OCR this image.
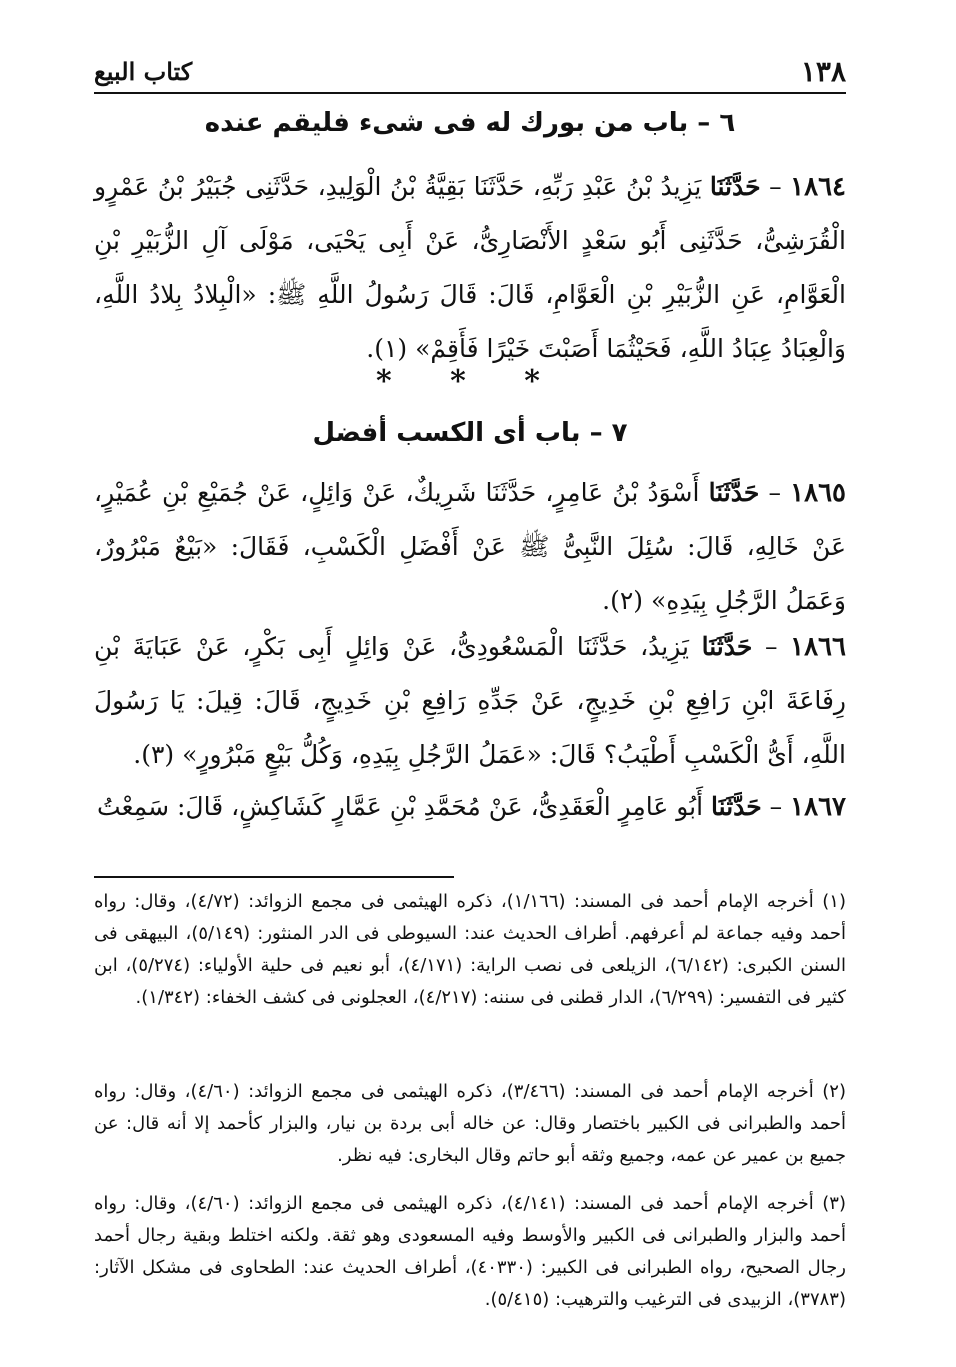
١٣٨
كتاب البيع
٦ – باب من بورك له فى شىء فليقم عنده
١٨٦٤ – حَدَّثَنَا يَزِيدُ بْنُ عَبْدِ رَبِّهِ، حَدَّثَنَا بَقِيَّةُ بْنُ الْوَلِيدِ، حَدَّثَنِى جُبَيْرُ بْنُ عَمْرٍو الْقُرَشِىُّ، حَدَّثَنِى أَبُو سَعْدٍ الأَنْصَارِىُّ، عَنْ أَبِى يَحْيَى، مَوْلَى آلِ الزُّبَيْرِ بْنِ الْعَوَّامِ، عَنِ الزُّبَيْرِ بْنِ الْعَوَّامِ، قَالَ: قَالَ رَسُولُ اللَّهِ ﷺ: «الْبِلادُ بِلادُ اللَّهِ، وَالْعِبَادُ عِبَادُ اللَّهِ، فَحَيْثُمَا أَصَبْتَ خَيْرًا فَأَقِمْ» (١).
* * *
٧ – باب أى الكسب أفضل
١٨٦٥ – حَدَّثَنَا أَسْوَدُ بْنُ عَامِرٍ، حَدَّثَنَا شَرِيكٌ، عَنْ وَائِلٍ، عَنْ جُمَيْعِ بْنِ عُمَيْرٍ، عَنْ خَالِهِ، قَالَ: سُئِلَ النَّبِىُّ ﷺ عَنْ أَفْضَلِ الْكَسْبِ، فَقَالَ: «بَيْعٌ مَبْرُورٌ، وَعَمَلُ الرَّجُلِ بِيَدِهِ» (٢).
١٨٦٦ – حَدَّثَنَا يَزِيدُ، حَدَّثَنَا الْمَسْعُودِىُّ، عَنْ وَائِلٍ أَبِى بَكْرٍ، عَنْ عَبَايَةَ بْنِ رِفَاعَةَ ابْنِ رَافِعِ بْنِ خَدِيجٍ، عَنْ جَدِّهِ رَافِعِ بْنِ خَدِيجٍ، قَالَ: قِيلَ: يَا رَسُولَ اللَّهِ، أَىُّ الْكَسْبِ أَطْيَبُ؟ قَالَ: «عَمَلُ الرَّجُلِ بِيَدِهِ، وَكُلُّ بَيْعٍ مَبْرُورٍ» (٣).
١٨٦٧ – حَدَّثَنَا أَبُو عَامِرٍ الْعَقَدِىُّ، عَنْ مُحَمَّدِ بْنِ عَمَّارٍ كَشَاكِشٍ، قَالَ: سَمِعْتُ
(١) أخرجه الإمام أحمد فى المسند: (١/١٦٦)، ذكره الهيثمى فى مجمع الزوائد: (٤/٧٢)، وقال: رواه أحمد وفيه جماعة لم أعرفهم. أطراف الحديث عند: السيوطى فى الدر المنثور: (٥/١٤٩)، البيهقى فى السنن الكبرى: (٦/١٤٢)، الزيلعى فى نصب الراية: (٤/١٧١)، أبو نعيم فى حلية الأولياء: (٥/٢٧٤)، ابن كثير فى التفسير: (٦/٢٩٩)، الدار قطنى فى سننه: (٤/٢١٧)، العجلونى فى كشف الخفاء: (١/٣٤٢).
(٢) أخرجه الإمام أحمد فى المسند: (٣/٤٦٦)، ذكره الهيثمى فى مجمع الزوائد: (٤/٦٠)، وقال: رواه أحمد والطبرانى فى الكبير باختصار وقال: عن خاله أبى بردة بن نيار، والبزار كأحمد إلا أنه قال: عن جميع بن عمير عن عمه، وجميع وثقه أبو حاتم وقال البخارى: فيه نظر.
(٣) أخرجه الإمام أحمد فى المسند: (٤/١٤١)، ذكره الهيثمى فى مجمع الزوائد: (٤/٦٠)، وقال: رواه أحمد والبزار والطبرانى فى الكبير والأوسط وفيه المسعودى وهو ثقة. ولكنه اختلط وبقية رجال أحمد رجال الصحيح، رواه الطبرانى فى الكبير: (٤٠٣٣٠)، أطراف الحديث عند: الطحاوى فى مشكل الآثار: (٣٧٨٣)، الزبيدى فى الترغيب والترهيب: (٥/٤١٥).
